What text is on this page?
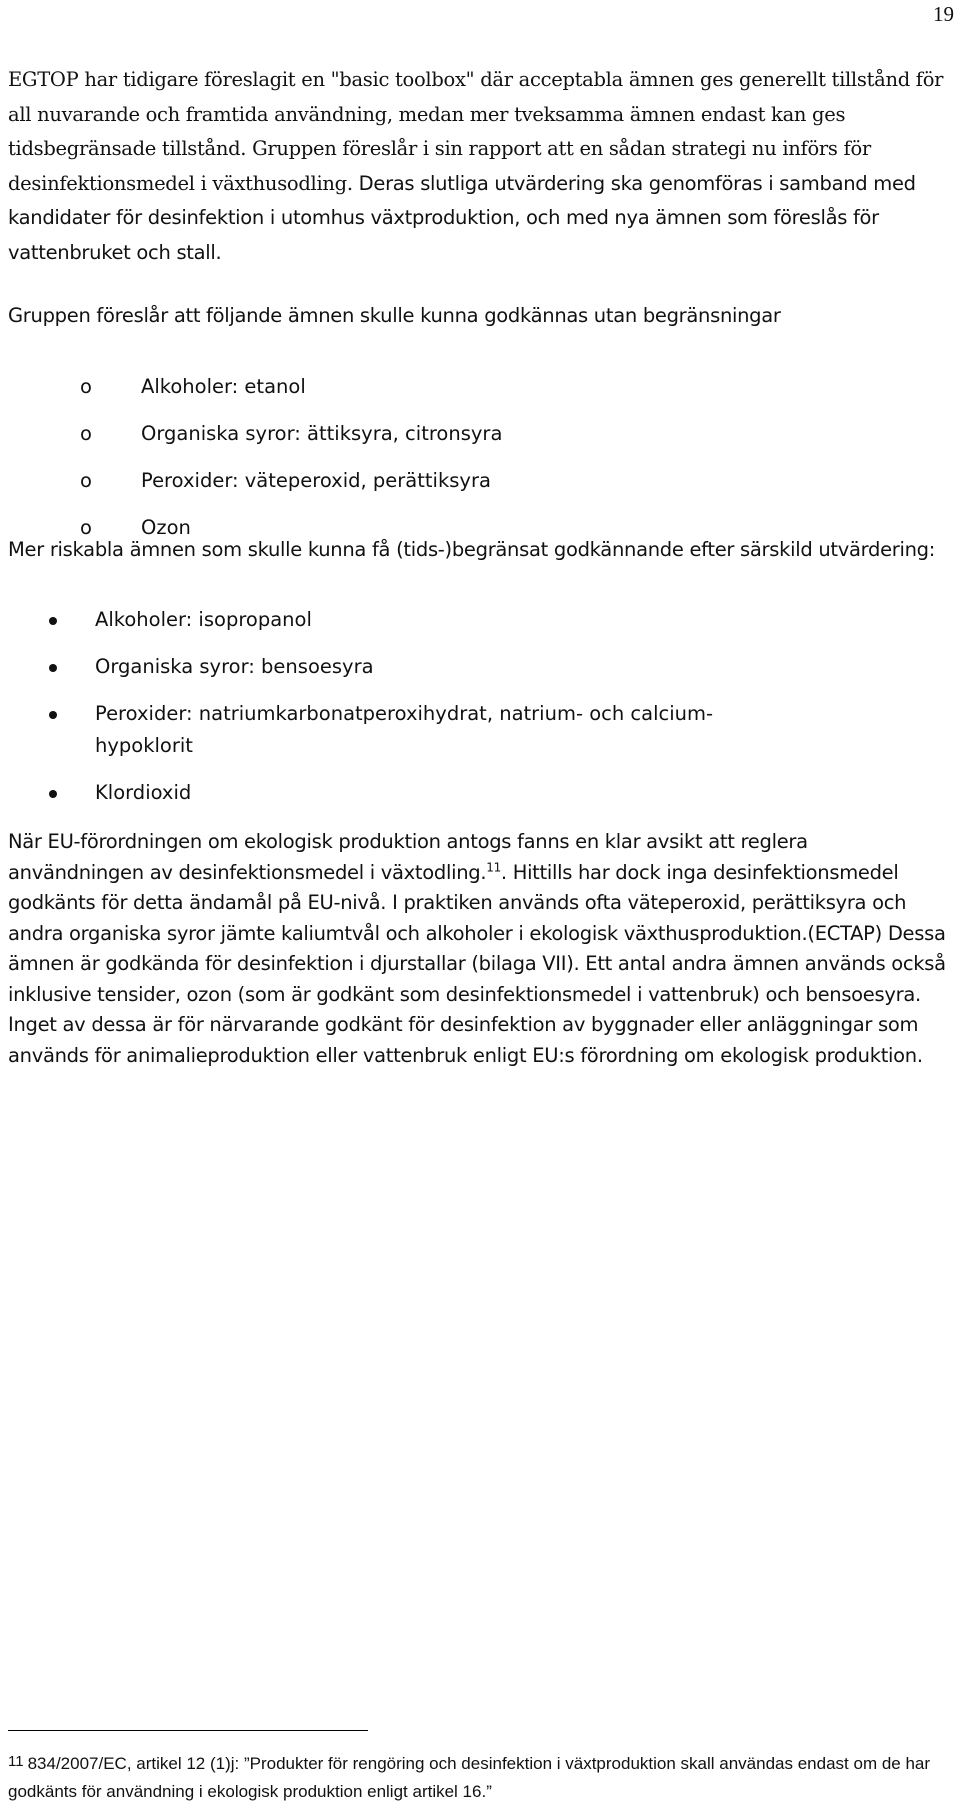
19

EGTOP har tidigare föreslagit en "basic toolbox" där acceptabla ämnen ges generellt tillstånd för all nuvarande och framtida användning, medan mer tveksamma ämnen endast kan ges tidsbegränsade tillstånd. Gruppen föreslår i sin rapport att en sådan strategi nu införs för desinfektionsmedel i växthusodling. Deras slutliga utvärdering ska genomföras i samband med kandidater för desinfektion i utomhus växtproduktion, och med nya ämnen som föreslås för vattenbruket och stall.

Gruppen föreslår att följande ämnen skulle kunna godkännas utan begränsningar

o	Alkoholer: etanol
o	Organiska syror: ättiksyra, citronsyra
o	Peroxider: väteperoxid, perättiksyra
o	Ozon

Mer riskabla ämnen som skulle kunna få (tids-)begränsat godkännande efter särskild utvärdering:

Alkoholer: isopropanol
Organiska syror: bensoesyra
Peroxider: natriumkarbonatperoxihydrat, natrium- och calcium-hypoklorit
Klordioxid

När EU-förordningen om ekologisk produktion antogs fanns en klar avsikt att reglera användningen av desinfektionsmedel i växtodling.$^{11}$. Hittills har dock inga desinfektionsmedel godkänts för detta ändamål på EU-nivå. I praktiken används ofta väteperoxid, perättiksyra och andra organiska syror jämte kaliumtvål och alkoholer i ekologisk växthusproduktion.(ECTAP) Dessa ämnen är godkända för desinfektion i djurstallar (bilaga VII). Ett antal andra ämnen används också inklusive tensider, ozon (som är godkänt som desinfektionsmedel i vattenbruk) och bensoesyra. Inget av dessa är för närvarande godkänt för desinfektion av byggnader eller anläggningar som används för animalieproduktion eller vattenbruk enligt EU:s förordning om ekologisk produktion.

11 834/2007/EC, artikel 12 (1)j: ”Produkter för rengöring och desinfektion i växtproduktion skall användas endast om de har godkänts för användning i ekologisk produktion enligt artikel 16.”
